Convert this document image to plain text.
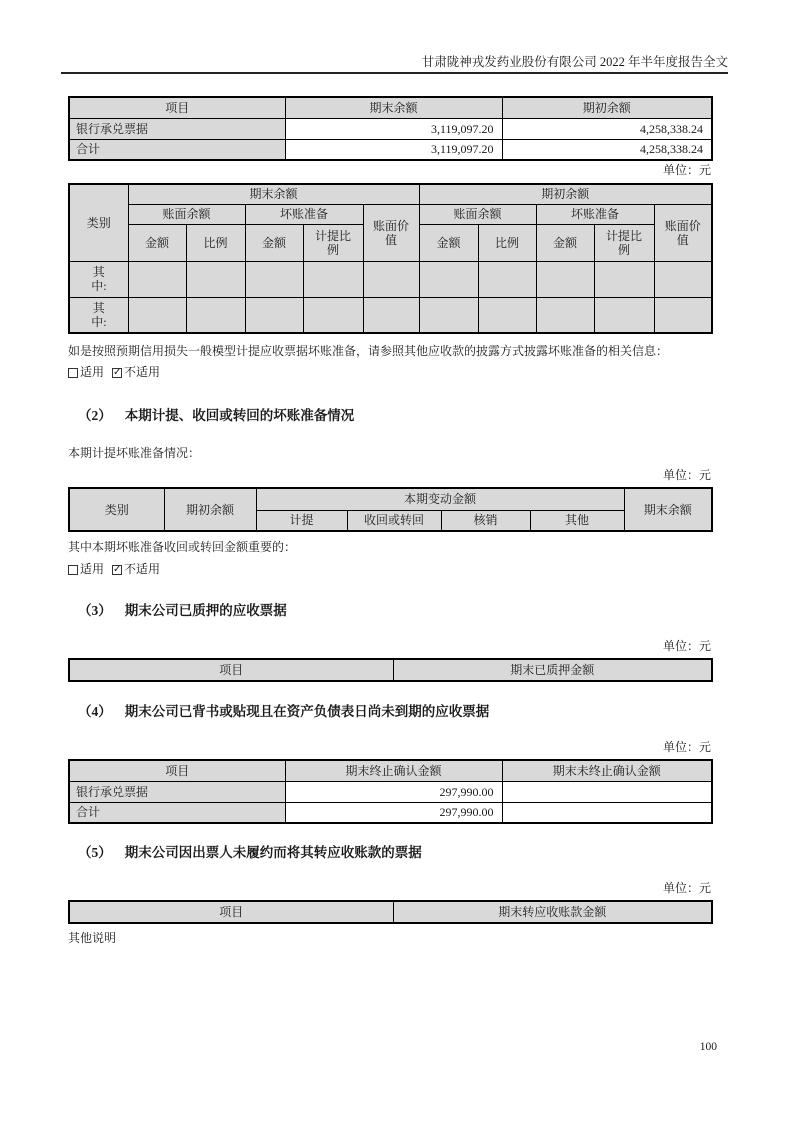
甘肃陇神戎发药业股份有限公司 2022 年半年度报告全文
项目	期末余额	期初余额
银行承兑票据	3,119,097.20	4,258,338.24
合计	3,119,097.20	4,258,338.24
单位：元
类别	期末余额					期初余额				
	账面余额		坏账准备		账面价值	账面余额		坏账准备		账面价值
	金额	比例	金额	计提比例		金额	比例	金额	计提比例	
其中:										
其中:										
如是按照预期信用损失一般模型计提应收票据坏账准备，请参照其他应收款的披露方式披露坏账准备的相关信息：
适用 ✓ 不适用
（2） 本期计提、收回或转回的坏账准备情况
本期计提坏账准备情况：
单位：元
类别	期初余额	本期变动金额				期末余额
		计提	收回或转回	核销	其他	
其中本期坏账准备收回或转回金额重要的：
适用 ✓ 不适用
（3） 期末公司已质押的应收票据
单位：元
项目	期末已质押金额
（4） 期末公司已背书或贴现且在资产负债表日尚未到期的应收票据
单位：元
项目	期末终止确认金额	期末未终止确认金额
银行承兑票据	297,990.00	
合计	297,990.00	
（5） 期末公司因出票人未履约而将其转应收账款的票据
单位：元
项目	期末转应收账款金额
其他说明
100
